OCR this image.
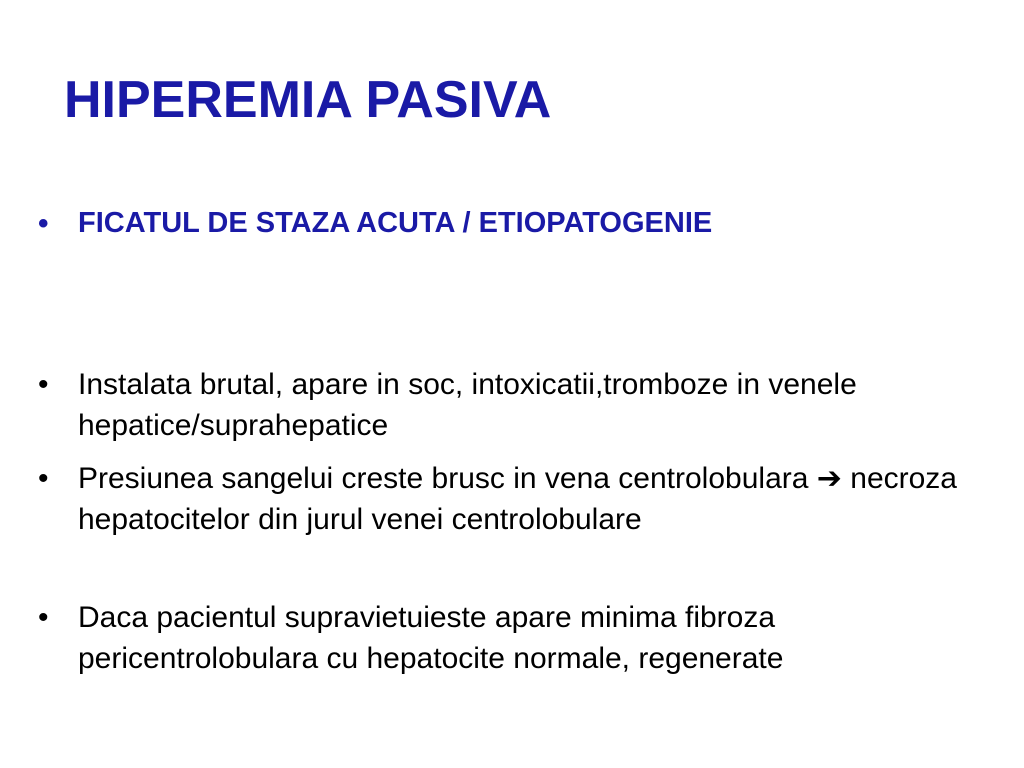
HIPEREMIA PASIVA
•	FICATUL DE STAZA ACUTA / ETIOPATOGENIE
• Instalata brutal, apare in soc, intoxicatii,tromboze in venele hepatice/suprahepatice
• Presiunea sangelui creste brusc in vena centrolobulara ➔ necroza hepatocitelor din jurul venei centrolobulare
• Daca pacientul supravietuieste apare minima fibroza pericentrolobulara cu hepatocite normale, regenerate
